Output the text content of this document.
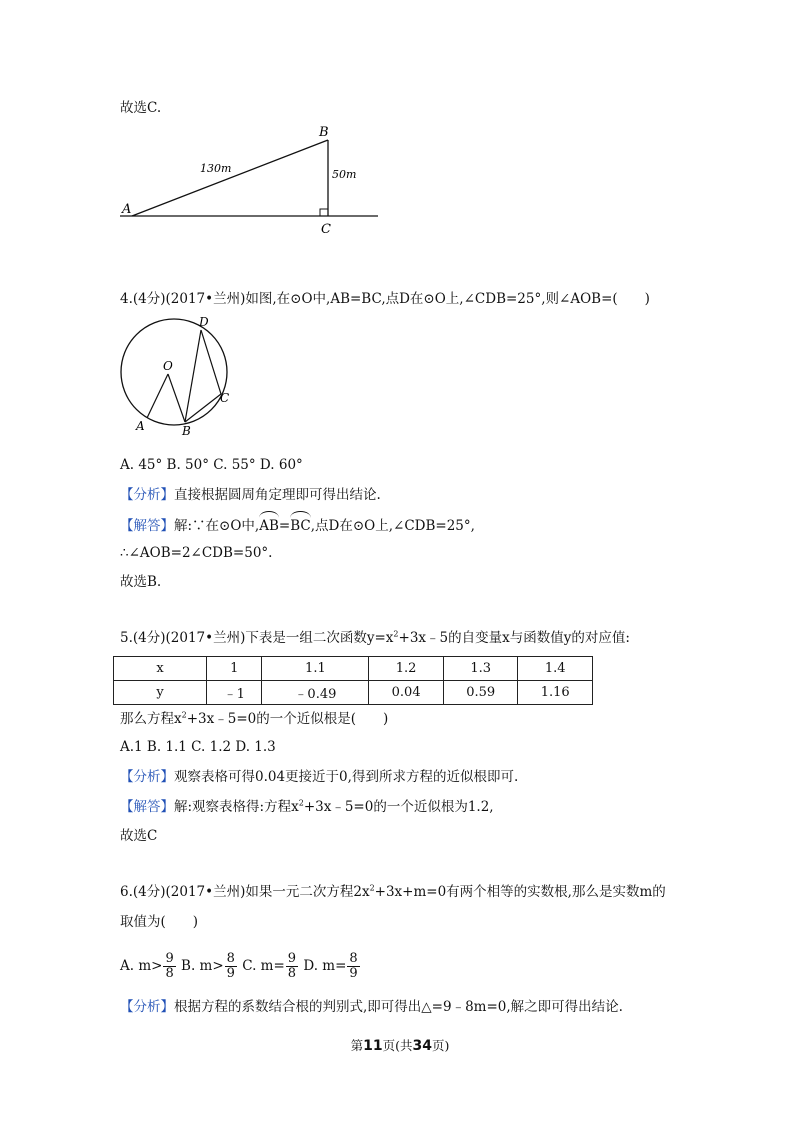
故选C.
A
B
C
130m	50m
4.(4分)(2017•兰州)如图,在⊙O中,AB=BC,点D在⊙O上,∠CDB=25°,则∠AOB=(　　)
O
A	B
C
D
A. 45° B. 50° C. 55° D. 60°
【分析】直接根据圆周角定理即可得出结论.
【解答】解:∵在⊙O中,AB=BC,点D在⊙O上,∠CDB=25°,
∴∠AOB=2∠CDB=50°.
故选B.
5.(4分)(2017•兰州)下表是一组二次函数$y=x^2+3x﹣5$的自变量x与函数值y的对应值:
x	1	1.1	1.2	1.3	1.4
y	﹣1	﹣0.49	0.04	0.59	1.16
那么方程$x^2+3x﹣5=0$的一个近似根是(　　)
A.1 B. 1.1 C. 1.2 D. 1.3
【分析】观察表格可得0.04更接近于0,得到所求方程的近似根即可.
【解答】解:观察表格得:方程$x^2+3x﹣5=0$的一个近似根为1.2,
故选C
6.(4分)(2017•兰州)如果一元二次方程$2x^2+3x+m=0$有两个相等的实数根,那么是实数m的
取值为(　　)
A. $m> \frac{9}{8} B$. $m> \frac{8}{9} C$. $m= \frac{9}{8} D$. $m= \frac{8}{9}$
【分析】根据方程的系数结合根的判别式,即可得出△=9﹣8m=0,解之即可得出结论.
第11页(共34页)
